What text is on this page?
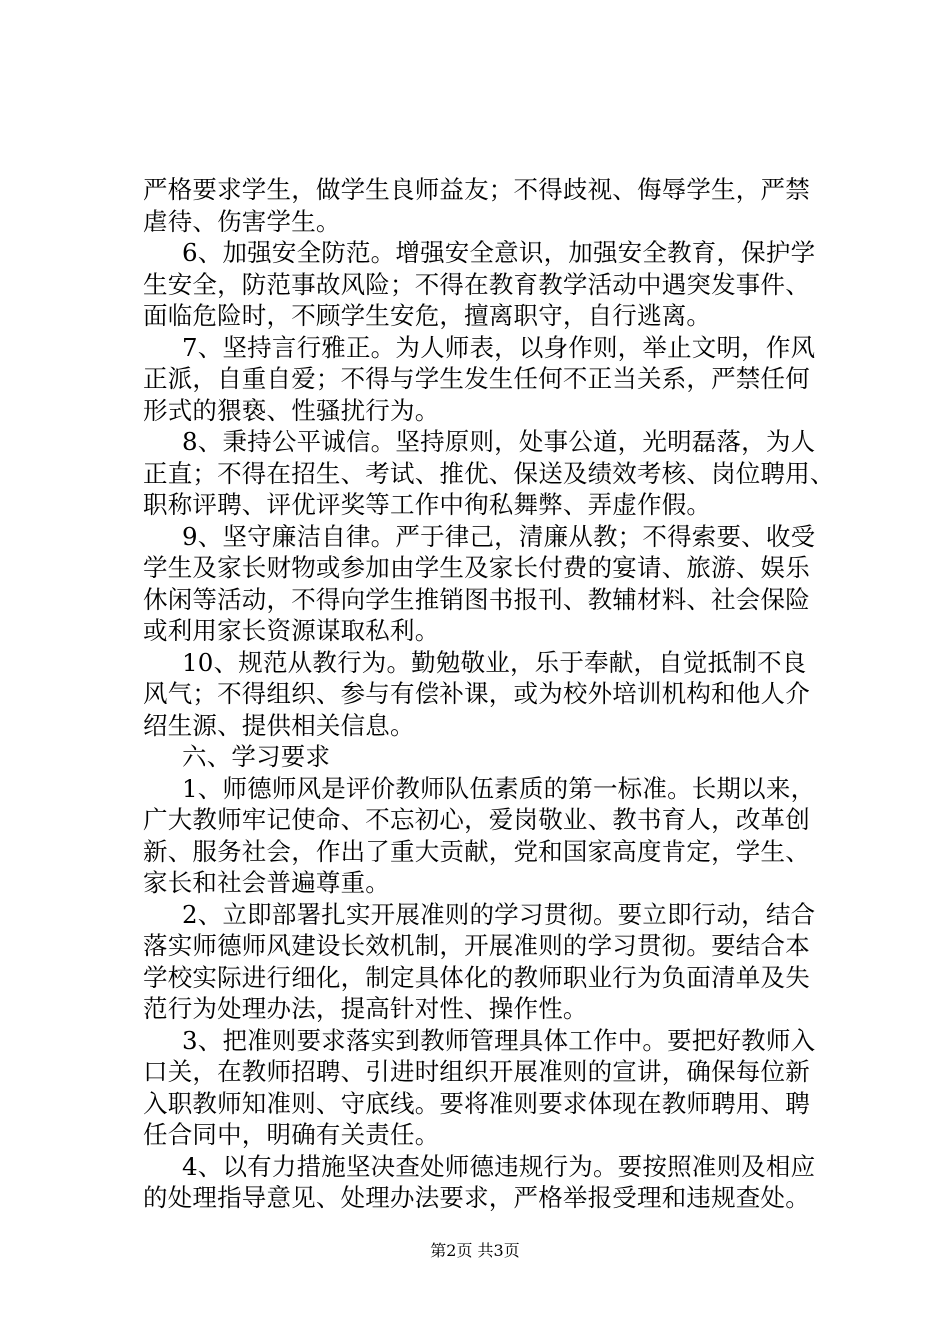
严格要求学生，做学生良师益友；不得歧视、侮辱学生，严禁
虐待、伤害学生。
6、加强安全防范。增强安全意识，加强安全教育，保护学
生安全，防范事故风险；不得在教育教学活动中遇突发事件、
面临危险时，不顾学生安危，擅离职守，自行逃离。
7、坚持言行雅正。为人师表，以身作则，举止文明，作风
正派，自重自爱；不得与学生发生任何不正当关系，严禁任何
形式的猥亵、性骚扰行为。
8、秉持公平诚信。坚持原则，处事公道，光明磊落，为人
正直；不得在招生、考试、推优、保送及绩效考核、岗位聘用、
职称评聘、评优评奖等工作中徇私舞弊、弄虚作假。
9、坚守廉洁自律。严于律己，清廉从教；不得索要、收受
学生及家长财物或参加由学生及家长付费的宴请、旅游、娱乐
休闲等活动，不得向学生推销图书报刊、教辅材料、社会保险
或利用家长资源谋取私利。
10、规范从教行为。勤勉敬业，乐于奉献，自觉抵制不良
风气；不得组织、参与有偿补课，或为校外培训机构和他人介
绍生源、提供相关信息。
六、学习要求
1、师德师风是评价教师队伍素质的第一标准。长期以来，
广大教师牢记使命、不忘初心，爱岗敬业、教书育人，改革创
新、服务社会，作出了重大贡献，党和国家高度肯定，学生、
家长和社会普遍尊重。
2、立即部署扎实开展准则的学习贯彻。要立即行动，结合
落实师德师风建设长效机制，开展准则的学习贯彻。要结合本
学校实际进行细化，制定具体化的教师职业行为负面清单及失
范行为处理办法，提高针对性、操作性。
3、把准则要求落实到教师管理具体工作中。要把好教师入
口关，在教师招聘、引进时组织开展准则的宣讲，确保每位新
入职教师知准则、守底线。要将准则要求体现在教师聘用、聘
任合同中，明确有关责任。
4、以有力措施坚决查处师德违规行为。要按照准则及相应
的处理指导意见、处理办法要求，严格举报受理和违规查处。
第2页 共3页
